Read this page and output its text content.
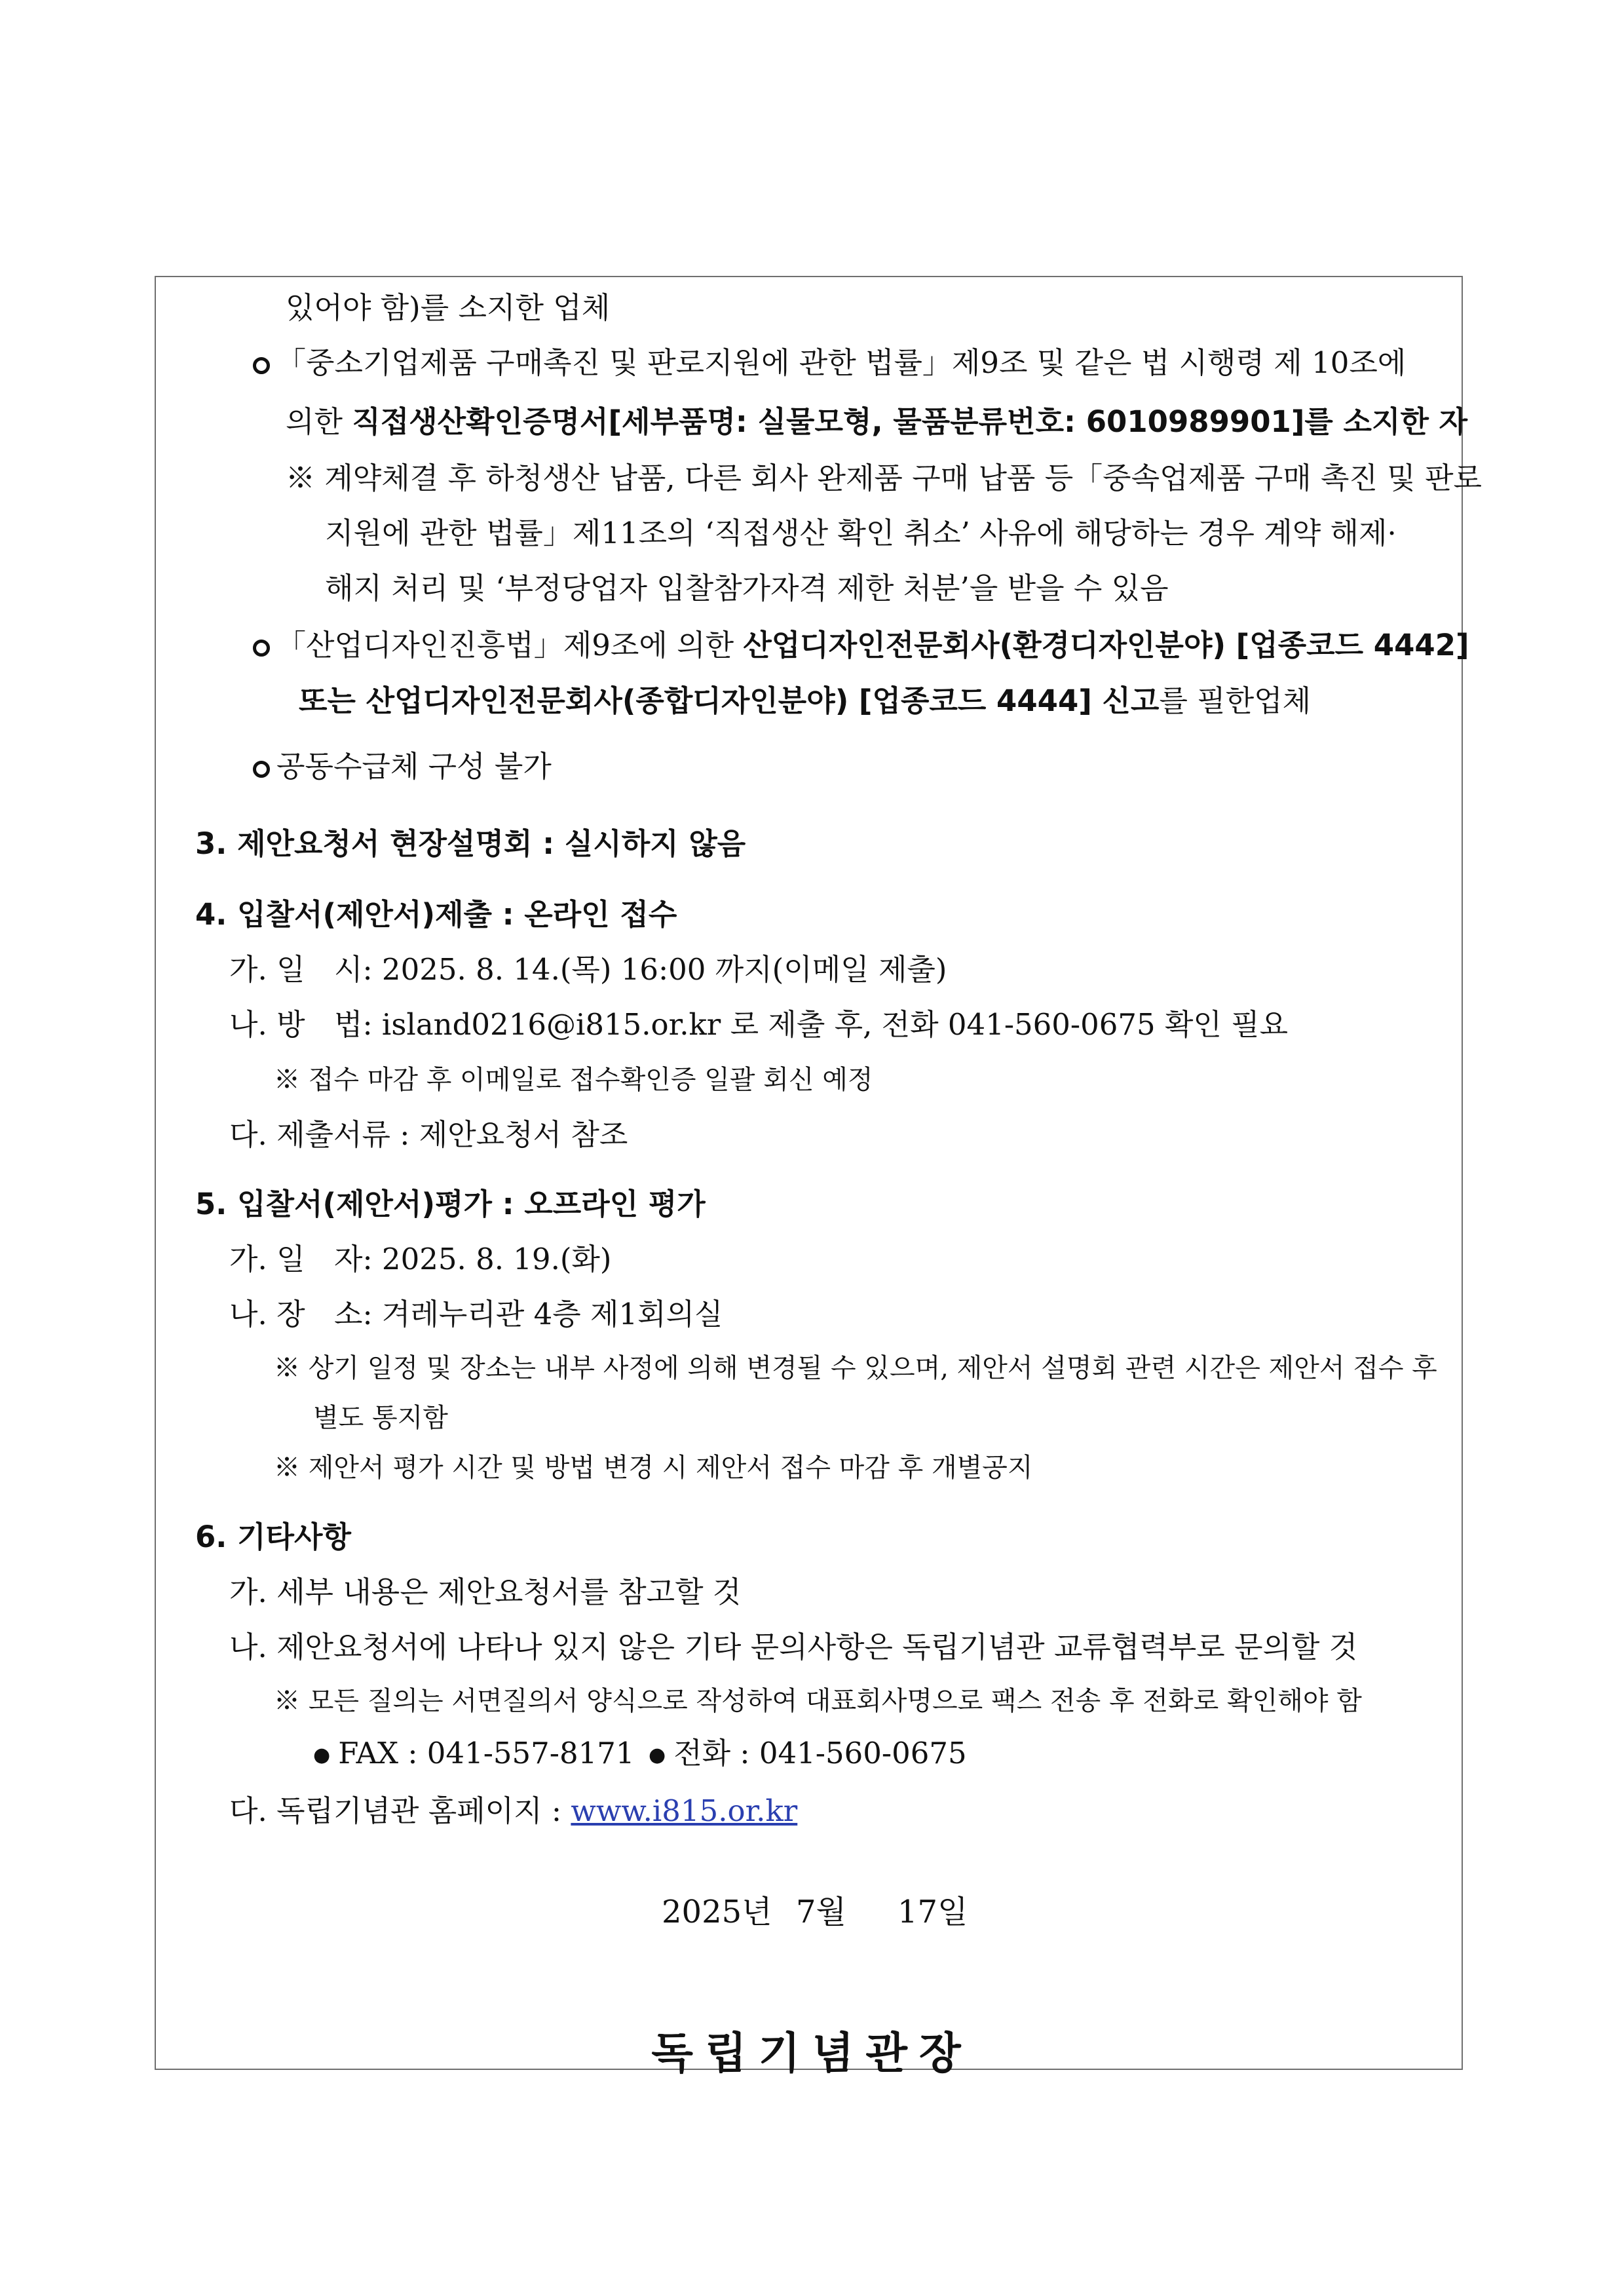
있어야 함)를 소지한 업체
「중소기업제품 구매촉진 및 판로지원에 관한 법률」제9조 및 같은 법 시행령 제 10조에
의한 직접생산확인증명서[세부품명: 실물모형, 물품분류번호: 6010989901]를 소지한 자
※ 계약체결 후 하청생산 납품, 다른 회사 완제품 구매 납품 등「중속업제품 구매 촉진 및 판로
지원에 관한 법률」제11조의 ‘직접생산 확인 취소’ 사유에 해당하는 경우 계약 해제·
해지 처리 및 ‘부정당업자 입찰참가자격 제한 처분’을 받을 수 있음
「산업디자인진흥법」제9조에 의한 산업디자인전문회사(환경디자인분야) [업종코드 4442]
또는 산업디자인전문회사(종합디자인분야) [업종코드 4444] 신고를 필한업체
공동수급체 구성 불가
3. 제안요청서 현장설명회 : 실시하지 않음
4. 입찰서(제안서)제출 : 온라인 접수
가. 일 시: 2025. 8. 14.(목) 16:00 까지(이메일 제출)
나. 방 법: island0216@i815.or.kr 로 제출 후, 전화 041-560-0675 확인 필요
※ 접수 마감 후 이메일로 접수확인증 일괄 회신 예정
다. 제출서류 : 제안요청서 참조
5. 입찰서(제안서)평가 : 오프라인 평가
가. 일 자: 2025. 8. 19.(화)
나. 장 소: 겨레누리관 4층 제1회의실
※ 상기 일정 및 장소는 내부 사정에 의해 변경될 수 있으며, 제안서 설명회 관련 시간은 제안서 접수 후
별도 통지함
※ 제안서 평가 시간 및 방법 변경 시 제안서 접수 마감 후 개별공지
6. 기타사항
가. 세부 내용은 제안요청서를 참고할 것
나. 제안요청서에 나타나 있지 않은 기타 문의사항은 독립기념관 교류협력부로 문의할 것
※ 모든 질의는 서면질의서 양식으로 작성하여 대표회사명으로 팩스 전송 후 전화로 확인해야 함
● FAX : 041-557-8171 ● 전화 : 041-560-0675
다. 독립기념관 홈페이지 : www.i815.or.kr
2025년 7월 17일
독립기념관장
